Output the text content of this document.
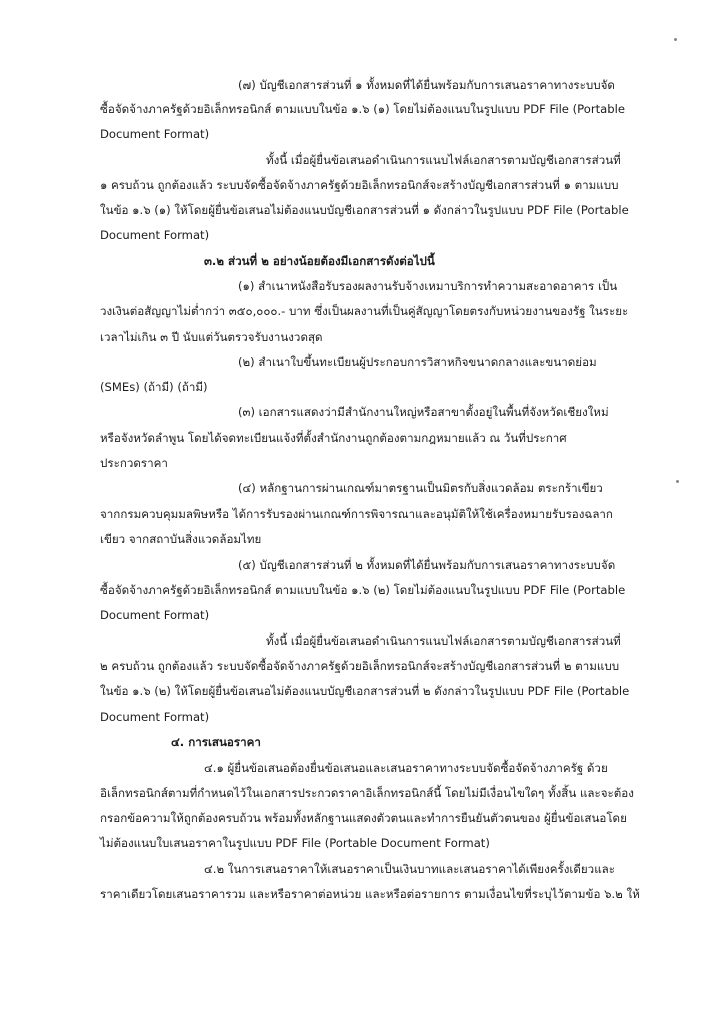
(๗) บัญชีเอกสารส่วนที่ ๑ ทั้งหมดที่ได้ยื่นพร้อมกับการเสนอราคาทางระบบจัด

ซื้อจัดจ้างภาครัฐด้วยอิเล็กทรอนิกส์ ตามแบบในข้อ ๑.๖ (๑) โดยไม่ต้องแนบในรูปแบบ PDF File (Portable

Document Format)

ทั้งนี้ เมื่อผู้ยื่นข้อเสนอดำเนินการแนบไฟล์เอกสารตามบัญชีเอกสารส่วนที่

๑ ครบถ้วน ถูกต้องแล้ว ระบบจัดซื้อจัดจ้างภาครัฐด้วยอิเล็กทรอนิกส์จะสร้างบัญชีเอกสารส่วนที่ ๑ ตามแบบ

ในข้อ ๑.๖ (๑) ให้โดยผู้ยื่นข้อเสนอไม่ต้องแนบบัญชีเอกสารส่วนที่ ๑ ดังกล่าวในรูปแบบ PDF File (Portable

Document Format)

๓.๒ ส่วนที่ ๒ อย่างน้อยต้องมีเอกสารดังต่อไปนี้

(๑) สำเนาหนังสือรับรองผลงานรับจ้างเหมาบริการทำความสะอาดอาคาร เป็น

วงเงินต่อสัญญาไม่ต่ำกว่า ๓๕๐,๐๐๐.- บาท ซึ่งเป็นผลงานที่เป็นคู่สัญญาโดยตรงกับหน่วยงานของรัฐ ในระยะ

เวลาไม่เกิน ๓ ปี นับแต่วันตรวจรับงานงวดสุด

(๒) สำเนาใบขึ้นทะเบียนผู้ประกอบการวิสาหกิจขนาดกลางและขนาดย่อม

(SMEs) (ถ้ามี) (ถ้ามี)

(๓) เอกสารแสดงว่ามีสำนักงานใหญ่หรือสาขาตั้งอยู่ในพื้นที่จังหวัดเชียงใหม่

หรือจังหวัดลำพูน โดยได้จดทะเบียนแจ้งที่ตั้งสำนักงานถูกต้องตามกฎหมายแล้ว ณ วันที่ประกาศ

ประกวดราคา

(๔) หลักฐานการผ่านเกณฑ์มาตรฐานเป็นมิตรกับสิ่งแวดล้อม ตระกร้าเขียว

จากกรมควบคุมมลพิษหรือ ได้การรับรองผ่านเกณฑ์การพิจารณาและอนุมัติให้ใช้เครื่องหมายรับรองฉลาก

เขียว จากสถาบันสิ่งแวดล้อมไทย

(๕) บัญชีเอกสารส่วนที่ ๒ ทั้งหมดที่ได้ยื่นพร้อมกับการเสนอราคาทางระบบจัด

ซื้อจัดจ้างภาครัฐด้วยอิเล็กทรอนิกส์ ตามแบบในข้อ ๑.๖ (๒) โดยไม่ต้องแนบในรูปแบบ PDF File (Portable

Document Format)

ทั้งนี้ เมื่อผู้ยื่นข้อเสนอดำเนินการแนบไฟล์เอกสารตามบัญชีเอกสารส่วนที่

๒ ครบถ้วน ถูกต้องแล้ว ระบบจัดซื้อจัดจ้างภาครัฐด้วยอิเล็กทรอนิกส์จะสร้างบัญชีเอกสารส่วนที่ ๒ ตามแบบ

ในข้อ ๑.๖ (๒) ให้โดยผู้ยื่นข้อเสนอไม่ต้องแนบบัญชีเอกสารส่วนที่ ๒ ดังกล่าวในรูปแบบ PDF File (Portable

Document Format)

๔. การเสนอราคา

๔.๑ ผู้ยื่นข้อเสนอต้องยื่นข้อเสนอและเสนอราคาทางระบบจัดซื้อจัดจ้างภาครัฐ ด้วย

อิเล็กทรอนิกส์ตามที่กำหนดไว้ในเอกสารประกวดราคาอิเล็กทรอนิกส์นี้ โดยไม่มีเงื่อนไขใดๆ ทั้งสิ้น และจะต้อง

กรอกข้อความให้ถูกต้องครบถ้วน พร้อมทั้งหลักฐานแสดงตัวตนและทำการยืนยันตัวตนของ ผู้ยื่นข้อเสนอโดย

ไม่ต้องแนบใบเสนอราคาในรูปแบบ PDF File (Portable Document Format)

๔.๒ ในการเสนอราคาให้เสนอราคาเป็นเงินบาทและเสนอราคาได้เพียงครั้งเดียวและ

ราคาเดียวโดยเสนอราคารวม และหรือราคาต่อหน่วย และหรือต่อรายการ ตามเงื่อนไขที่ระบุไว้ตามข้อ ๖.๒ ให้
